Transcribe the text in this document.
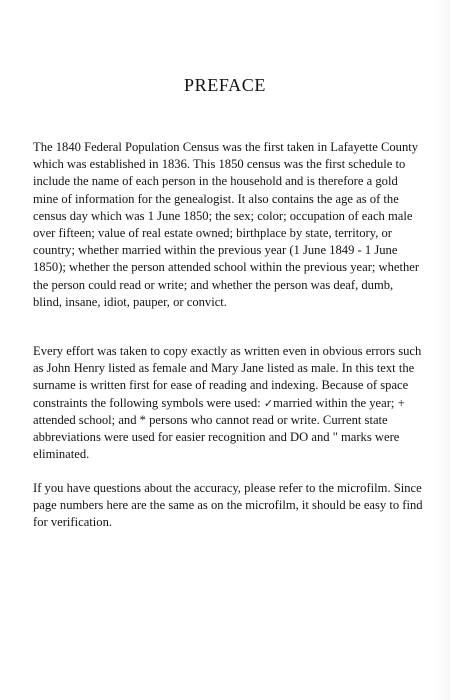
PREFACE
The 1840 Federal Population Census was the first taken in Lafayette County which was established in 1836. This 1850 census was the first schedule to include the name of each person in the household and is therefore a gold mine of information for the genealogist. It also contains the age as of the census day which was 1 June 1850; the sex; color; occupation of each male over fifteen; value of real estate owned; birthplace by state, territory, or country; whether married within the previous year (1 June 1849 - 1 June 1850); whether the person attended school within the previous year; whether the person could read or write; and whether the person was deaf, dumb, blind, insane, idiot, pauper, or convict.
Every effort was taken to copy exactly as written even in obvious errors such as John Henry listed as female and Mary Jane listed as male. In this text the surname is written first for ease of reading and indexing. Because of space constraints the following symbols were used: ✓married within the year; + attended school; and * persons who cannot read or write. Current state abbreviations were used for easier recognition and DO and " marks were eliminated.
If you have questions about the accuracy, please refer to the microfilm. Since page numbers here are the same as on the microfilm, it should be easy to find for verification.
